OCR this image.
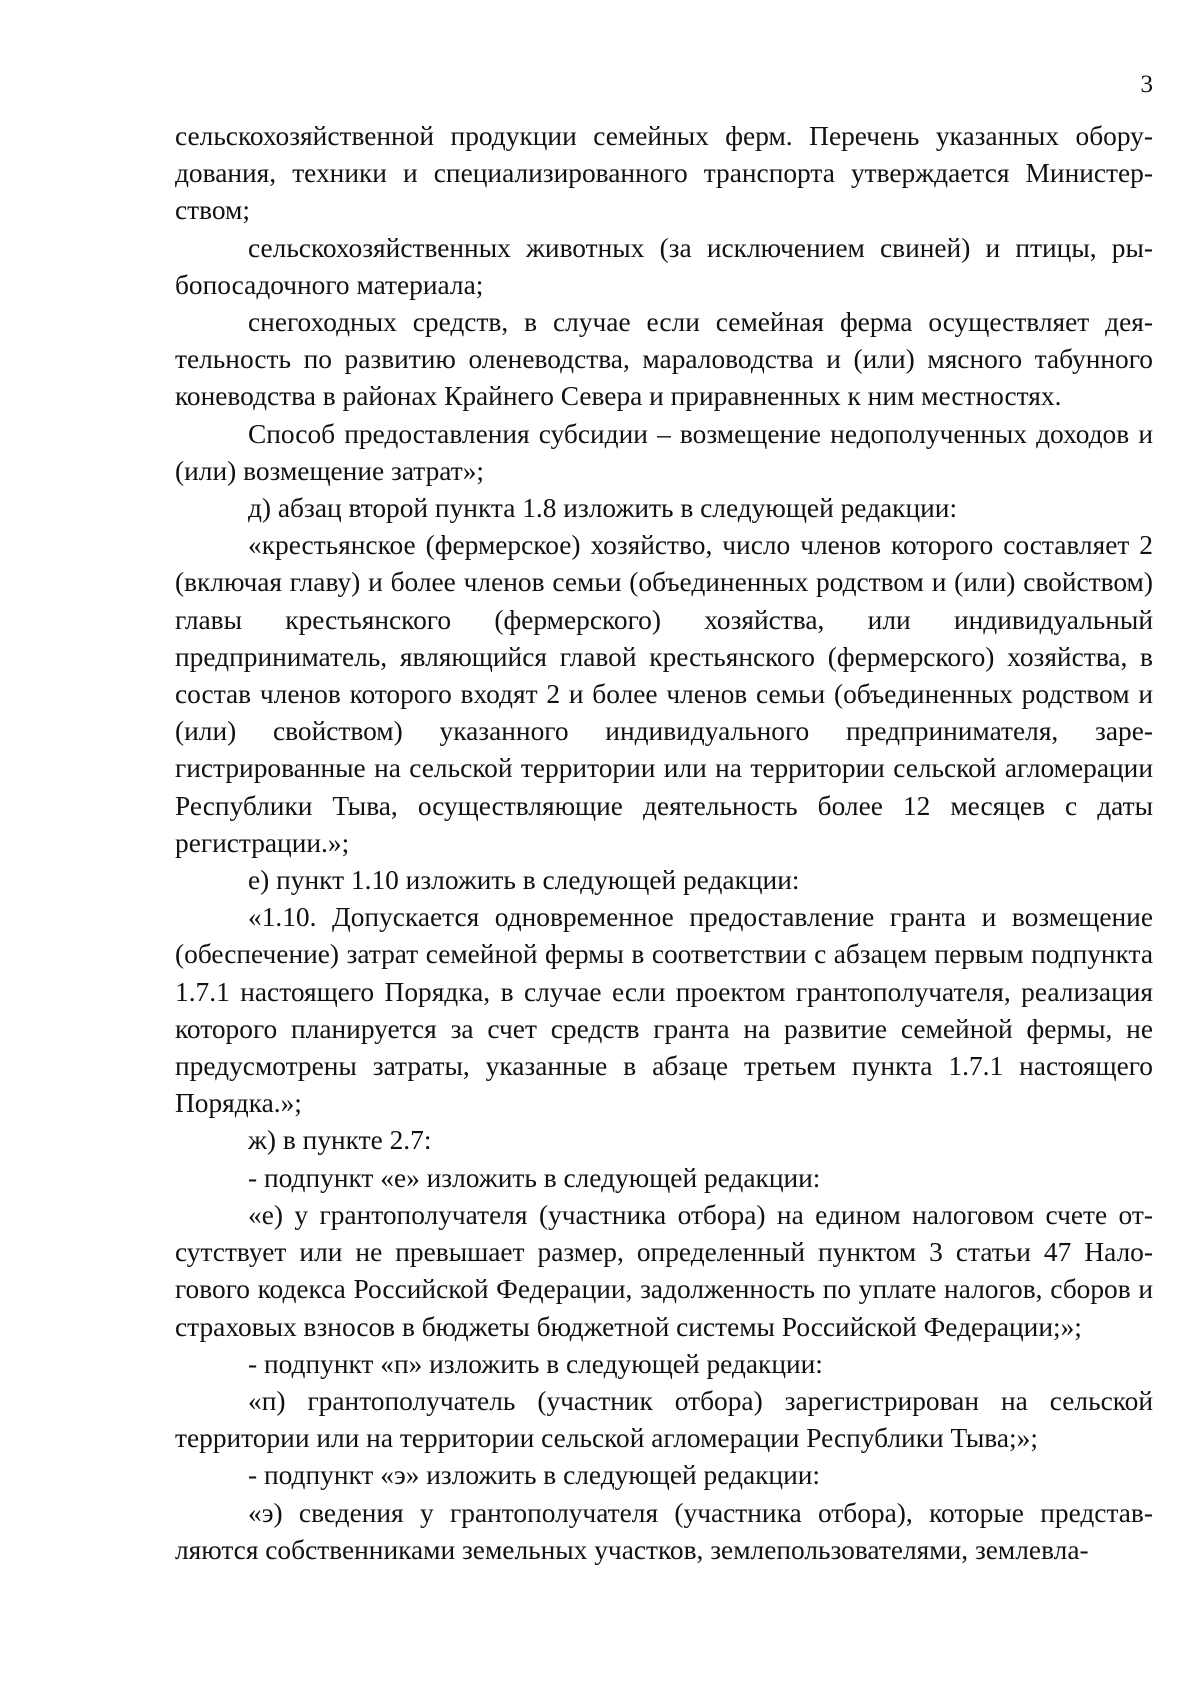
3

сельскохозяйственной продукции семейных ферм. Перечень указанных оборудования, техники и специализированного транспорта утверждается Министерством;

сельскохозяйственных животных (за исключением свиней) и птицы, рыбопосадочного материала;

снегоходных средств, в случае если семейная ферма осуществляет деятельность по развитию оленеводства, мараловодства и (или) мясного табунного коневодства в районах Крайнего Севера и приравненных к ним местностях.

Способ предоставления субсидии – возмещение недополученных доходов и (или) возмещение затрат»;

д) абзац второй пункта 1.8 изложить в следующей редакции:

«крестьянское (фермерское) хозяйство, число членов которого составляет 2 (включая главу) и более членов семьи (объединенных родством и (или) свойством) главы крестьянского (фермерского) хозяйства, или индивидуальный предприниматель, являющийся главой крестьянского (фермерского) хозяйства, в состав членов которого входят 2 и более членов семьи (объединенных родством и (или) свойством) указанного индивидуального предпринимателя, зарегистрированные на сельской территории или на территории сельской агломерации Республики Тыва, осуществляющие деятельность более 12 месяцев с даты регистрации.»;

е) пункт 1.10 изложить в следующей редакции:

«1.10. Допускается одновременное предоставление гранта и возмещение (обеспечение) затрат семейной фермы в соответствии с абзацем первым подпункта 1.7.1 настоящего Порядка, в случае если проектом грантополучателя, реализация которого планируется за счет средств гранта на развитие семейной фермы, не предусмотрены затраты, указанные в абзаце третьем пункта 1.7.1 настоящего Порядка.»;

ж) в пункте 2.7:

- подпункт «е» изложить в следующей редакции:

«е) у грантополучателя (участника отбора) на едином налоговом счете отсутствует или не превышает размер, определенный пунктом 3 статьи 47 Налогового кодекса Российской Федерации, задолженность по уплате налогов, сборов и страховых взносов в бюджеты бюджетной системы Российской Федерации;»;

- подпункт «п» изложить в следующей редакции:

«п) грантополучатель (участник отбора) зарегистрирован на сельской территории или на территории сельской агломерации Республики Тыва;»;

- подпункт «э» изложить в следующей редакции:

«э) сведения у грантополучателя (участника отбора), которые представляются собственниками земельных участков, землепользователями, землевла-
